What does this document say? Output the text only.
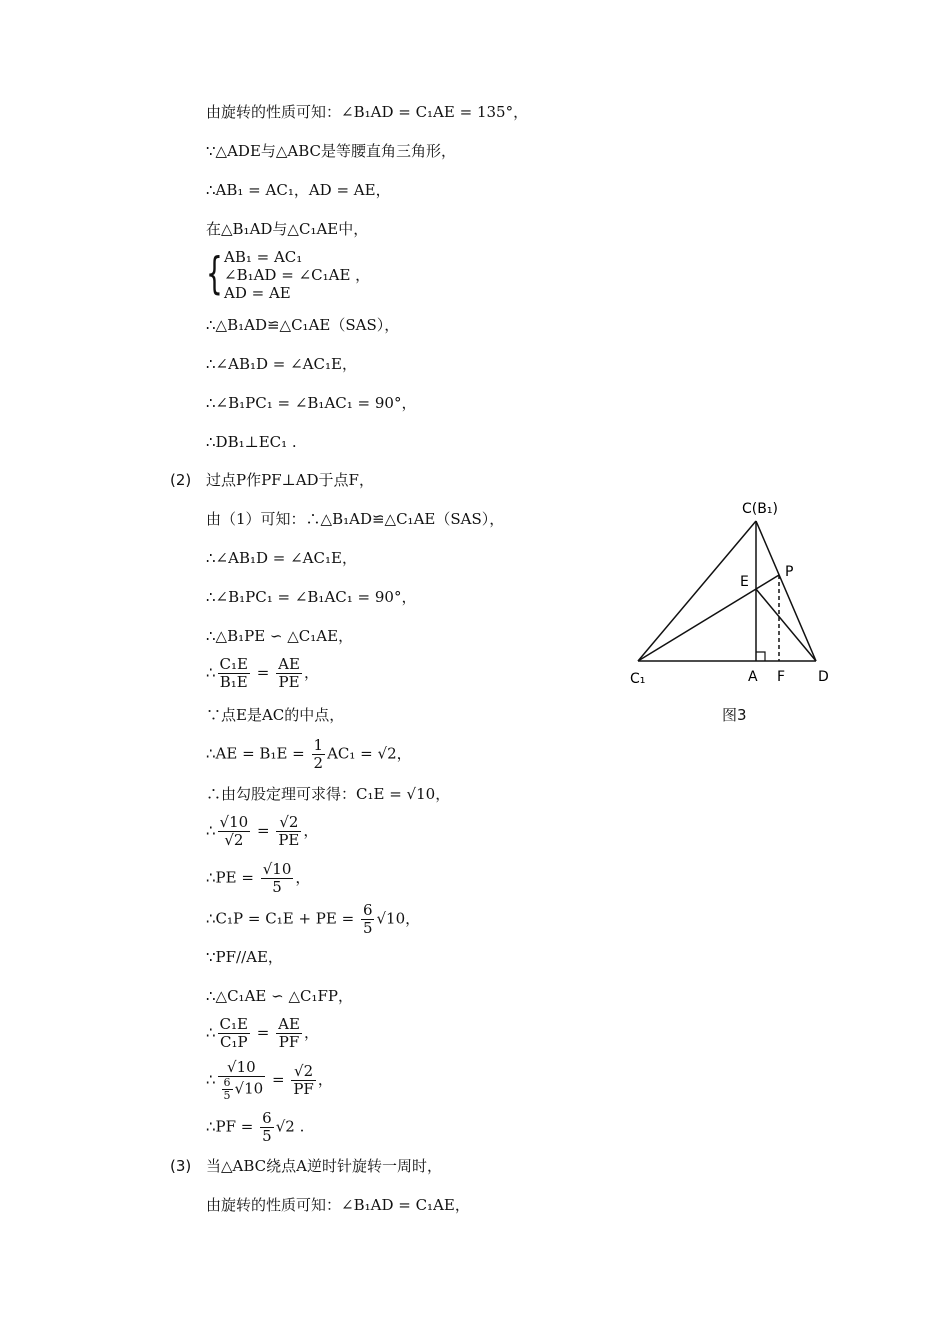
由旋转的性质可知：∠B₁AD = C₁AE = 135°，
∵△ADE与△ABC是等腰直角三角形，
∴AB₁ = AC₁，AD = AE，
在△B₁AD与△C₁AE中，
{ AB₁ = AC₁
∠B₁AD = ∠C₁AE ，
AD = AE
∴△B₁AD≌△C₁AE（SAS），
∴∠AB₁D = ∠AC₁E，
∴∠B₁PC₁ = ∠B₁AC₁ = 90°，
∴DB₁⊥EC₁ .
(2) 过点P作PF⊥AD于点F，
由（1）可知：∴△B₁AD≌△C₁AE（SAS），
∴∠AB₁D = ∠AC₁E，
∴∠B₁PC₁ = ∠B₁AC₁ = 90°，
∴△B₁PE ∽ △C₁AE，
∴ $\frac{\text{C₁E}}{\text{B₁E}} = \frac{AE}{PE}$ ，
∵点E是AC的中点，
∴AE = $B_1E = \frac{1}{2} AC_1 = √2$，
∴由勾股定理可求得：C₁E = √10，
∴ $\frac{√10}{√2} = \frac{√2}{PE}$ ，
∴PE = $\frac{√10}{5}$ ，
∴C₁P = C₁E + PE = $\frac{6}{5} √10$，
∵PF//AE，
∴△C₁AE ∽ △C₁FP，
∴ $\frac{\text{C₁E}}{\text{C₁P}} = \frac{AE}{PF}$ ，
∴ $\frac{√10}{\frac{6}{5} √10} = \frac{√2}{PF}$ ，
∴PF = $\frac{6}{5} √2$ .
(3) 当△ABC绕点A逆时针旋转一周时，
由旋转的性质可知：∠B₁AD = C₁AE，
C(B₁)
P
E
C₁	A F D
图3
